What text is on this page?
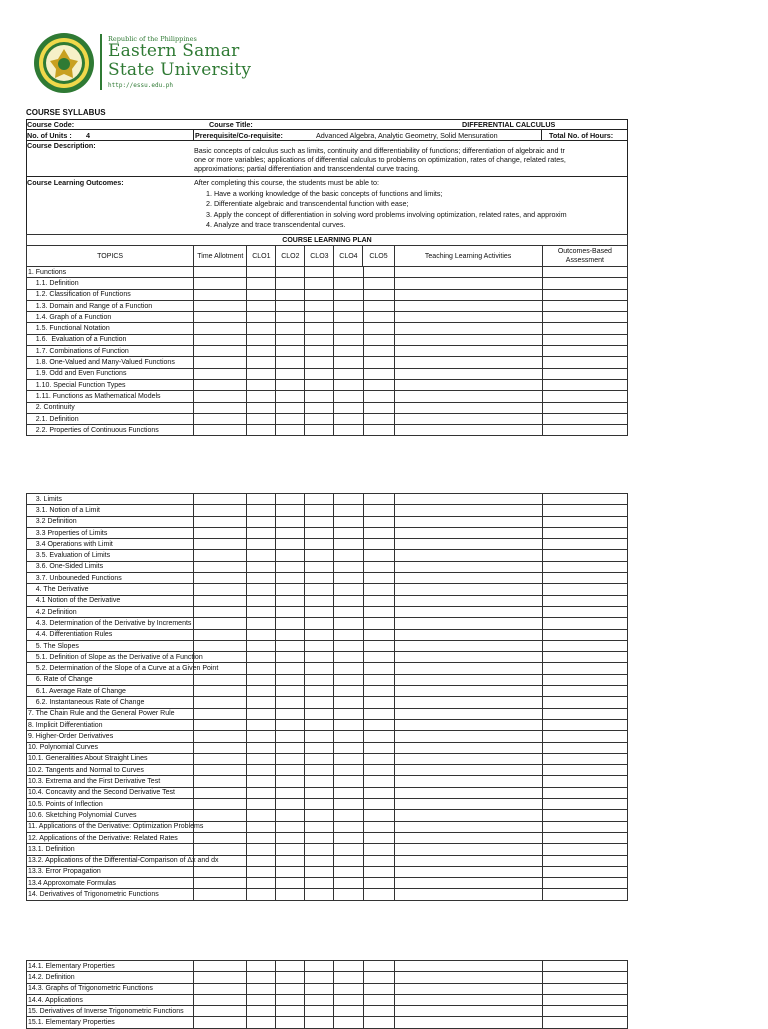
Republic of the Philippines
Eastern Samar
State University
http://essu.edu.ph
COURSE SYLLABUS
Course Code:	Course Title:	DIFFERENTIAL CALCULUS
No. of Units : 4	Prerequisite/Co-requisite:	Advanced Algebra, Analytic Geometry, Solid Mensuration	Total No. of Hours:
Course Description:
Basic concepts of calculus such as limits, continuity and differentiability of functions; differentiation of algebraic and tr
one or more variables; applications of differential calculus to problems on optimization, rates of change, related rates,
approximations; partial differentiation and transcendental curve tracing.
Course Learning Outcomes:	After completing this course, the students must be able to:
1. Have a working knowledge of the basic concepts of functions and limits;
2. Differentiate algebraic and transcendental function with ease;
3. Apply the concept of differentiation in solving word problems involving optimization, related rates, and approxim
4. Analyze and trace transcendental curves.
COURSE LEARNING PLAN
TOPICS	Time Allotment	CLO1	CLO2	CLO3	CLO4	CLO5	Teaching Learning Activities	Outcomes-Based Assessment
1. Functions								
1.1. Definition								
1.2. Classification of Functions								
1.3. Domain and Range of a Function								
1.4. Graph of a Function								
1.5. Functional Notation								
1.6.  Evaluation of a Function								
1.7. Combinations of Function								
1.8. One-Valued and Many-Valued Functions								
1.9. Odd and Even Functions								
1.10. Special Function Types								
1.11. Functions as Mathematical Models								
2. Continuity								
2.1. Definition								
2.2. Properties of Continuous Functions								
3. Limits								
3.1. Notion of a Limit								
3.2 Definition								
3.3 Properties of Limits								
3.4 Operations with Limit								
3.5. Evaluation of Limits								
3.6. One-Sided Limits								
3.7. Unbouneded Functions								
4. The Derivative								
4.1 Notion of the Derivative								
4.2 Definition								
4.3. Determination of the Derivative by Increments								
4.4. Differentiation Rules								
5. The Slopes								
5.1. Definition of Slope as the Derivative of a Function								
5.2. Determination of the Slope of a Curve at a Given Point								
6. Rate of Change								
6.1. Average Rate of Change								
6.2. Instantaneous Rate of Change								
7. The Chain Rule and the General Power Rule								
8. Implicit Differentiation								
9. Higher-Order Derivatives								
10. Polynomial Curves								
10.1. Generalities About Straight Lines								
10.2. Tangents and Normal to Curves								
10.3. Extrema and the First Derivative Test								
10.4. Concavity and the Second Derivative Test								
10.5. Points of Inflection								
10.6. Sketching Polynomial Curves								
11. Applications of the Derivative: Optimization Problems								
12. Applications of the Derivative: Related Rates								
13.1. Definition								
13.2. Applications of the Differential-Comparison of Δx and dx								
13.3. Error Propagation								
13.4 Approxomate Formulas								
14. Derivatives of Trigonometric Functions								
14.1. Elementary Properties								
14.2. Definition								
14.3. Graphs of Trigonometric Functions								
14.4. Applications								
15. Derivatives of Inverse Trigonometric Functions								
15.1. Elementary Properties								
